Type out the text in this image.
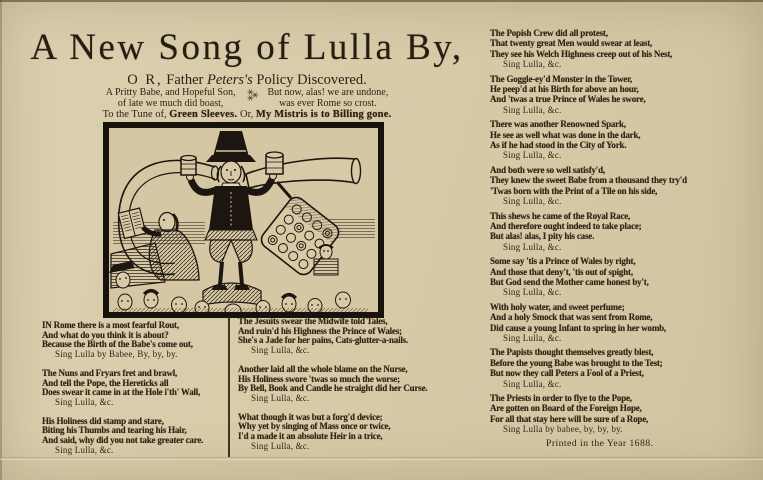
A New Song of Lulla By,
O R, Father Peters's Policy Discovered.
A Pritty Babe, and Hopeful Son,
of late we much did boast,
⁂ But now, alas! we are undone,
was ever Rome so crost.
To the Tune of, Green Sleeves. Or, My Mistris is to Billing gone.
IN Rome there is a most fearful Rout,
And what do you think it is about?
Because the Birth of the Babe's come out,
Sing Lulla by Babee, By, by, by.
The Nuns and Fryars fret and brawl,
And tell the Pope, the Hereticks all
Does swear it came in at the Hole i'th' Wall,
Sing Lulla, &c.
His Holiness did stamp and stare,
Biting his Thumbs and tearing his Hair,
And said, why did you not take greater care.
Sing Lulla, &c.
The Jesuits swear the Midwife told Tales,
And ruin'd his Highness the Prince of Wales;
She's a Jade for her pains, Cats-glutter-a-nails.
Sing Lulla, &c.
Another laid all the whole blame on the Nurse,
His Holiness swore 'twas so much the worse;
By Bell, Book and Candle he straight did her Curse.
Sing Lulla, &c.
What though it was but a forg'd device;
Why yet by singing of Mass once or twice,
I'd a made it an absolute Heir in a trice,
Sing Lulla, &c.
The Popish Crew did all protest,
That twenty great Men would swear at least,
They see his Welch Highness creep out of his Nest,
Sing Lulla, &c.
The Goggle-ey'd Monster in the Tower,
He peep'd at his Birth for above an hour,
And 'twas a true Prince of Wales he swore,
Sing Lulla, &c.
There was another Renowned Spark,
He see as well what was done in the dark,
As if he had stood in the City of York.
Sing Lulla, &c.
And both were so well satisfy'd,
They knew the sweet Babe from a thousand they try'd
'Twas born with the Print of a Tile on his side,
Sing Lulla, &c.
This shews he came of the Royal Race,
And therefore ought indeed to take place;
But alas! alas, I pity his case.
Sing Lulla, &c.
Some say 'tis a Prince of Wales by right,
And those that deny't, 'tis out of spight,
But God send the Mother came honest by't,
Sing Lulla, &c.
With holy water, and sweet perfume;
And a holy Smock that was sent from Rome,
Did cause a young Infant to spring in her womb,
Sing Lulla, &c.
The Papists thought themselves greatly blest,
Before the young Babe was brought to the Test;
But now they call Peters a Fool of a Priest,
Sing Lulla, &c.
The Priests in order to flye to the Pope,
Are gotten on Board of the Foreign Hope,
For all that stay here will be sure of a Rope,
Sing Lulla by babee, by, by, by.
Printed in the Year 1688.
